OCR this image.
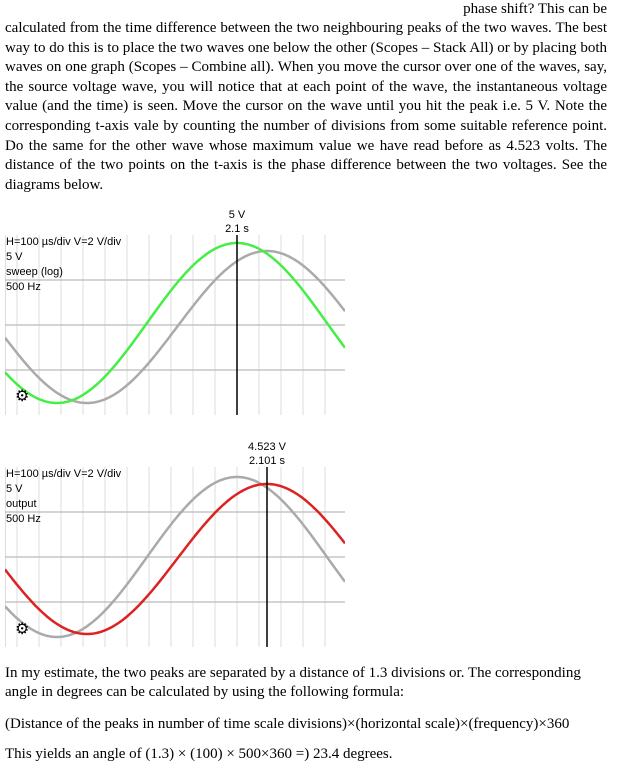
phase shift? This can be

calculated from the time difference between the two neighbouring peaks of the two waves. The best way to do this is to place the two waves one below the other (Scopes – Stack All) or by placing both waves on one graph (Scopes – Combine all). When you move the cursor over one of the waves, say, the source voltage wave, you will notice that at each point of the wave, the instantaneous voltage value (and the time) is seen. Move the cursor on the wave until you hit the peak i.e. 5 V. Note the corresponding t-axis vale by counting the number of divisions from some suitable reference point. Do the same for the other wave whose maximum value we have read before as 4.523 volts. The distance of the two points on the t-axis is the phase difference between the two voltages. See the diagrams below.

H=100 µs/div V=2 V/div
5 V
sweep (log)
500 Hz
⚙
5 V
2.1 s
H=100 µs/div V=2 V/div
5 V
output
500 Hz
⚙
4.523 V
2.101 s

In my estimate, the two peaks are separated by a distance of 1.3 divisions or. The corresponding angle in degrees can be calculated by using the following formula:

(Distance of the peaks in number of time scale divisions)×(horizontal scale)×(frequency)×360

This yields an angle of (1.3) × (100) × 500×360 =) 23.4 degrees.
